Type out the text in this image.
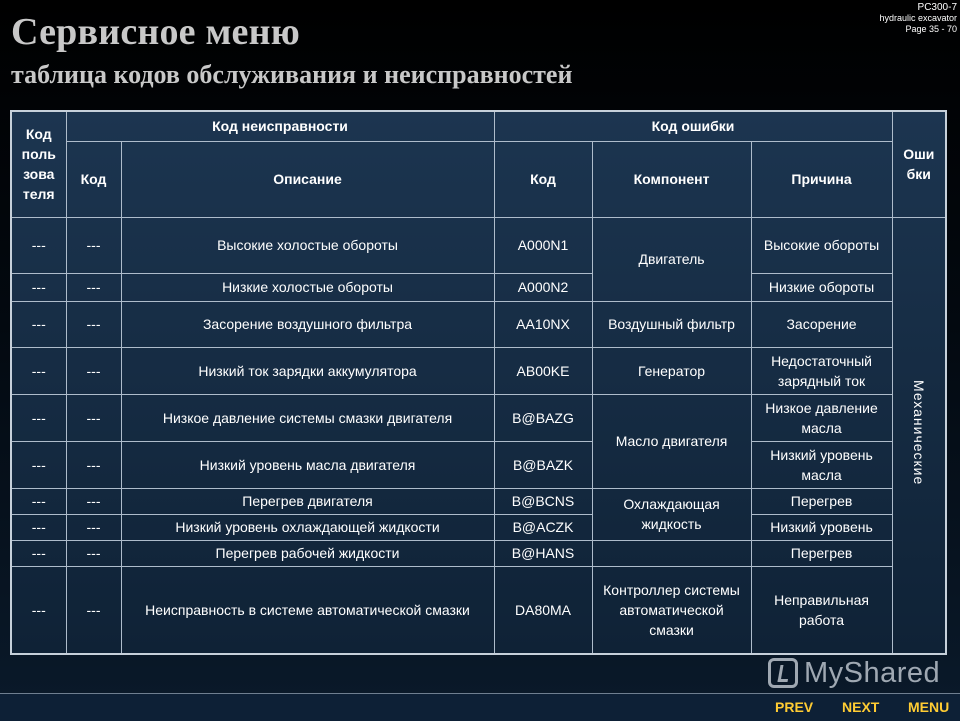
Сервисное меню
таблица кодов обслуживания и неисправностей
PC300-7
hydraulic excavator
Page 35 - 70
Код поль зова теля	Код неисправности		Код ошибки			Оши бки
	Код	Описание	Код	Компонент	Причина	
---	---	Высокие холостые обороты	A000N1	Двигатель	Высокие обороты	Механические
---	---	Низкие холостые обороты	A000N2		Низкие обороты	
---	---	Засорение воздушного фильтра	AA10NX	Воздушный фильтр	Засорение	
---	---	Низкий ток зарядки аккумулятора	AB00KE	Генератор	Недостаточный зарядный ток	
---	---	Низкое давление системы смазки двигателя	B@BAZG	Масло двигателя	Низкое давление масла	
---	---	Низкий уровень масла двигателя	B@BAZK		Низкий уровень масла	
---	---	Перегрев двигателя	B@BCNS	Охлаждающая жидкость	Перегрев	
---	---	Низкий уровень охлаждающей жидкости	B@ACZK		Низкий уровень	
---	---	Перегрев рабочей жидкости	B@HANS		Перегрев	
---	---	Неисправность в системе автоматической смазки	DA80MA	Контроллер системы автоматической смазки	Неправильная работа	
MyShared
PREV NEXT MENU
